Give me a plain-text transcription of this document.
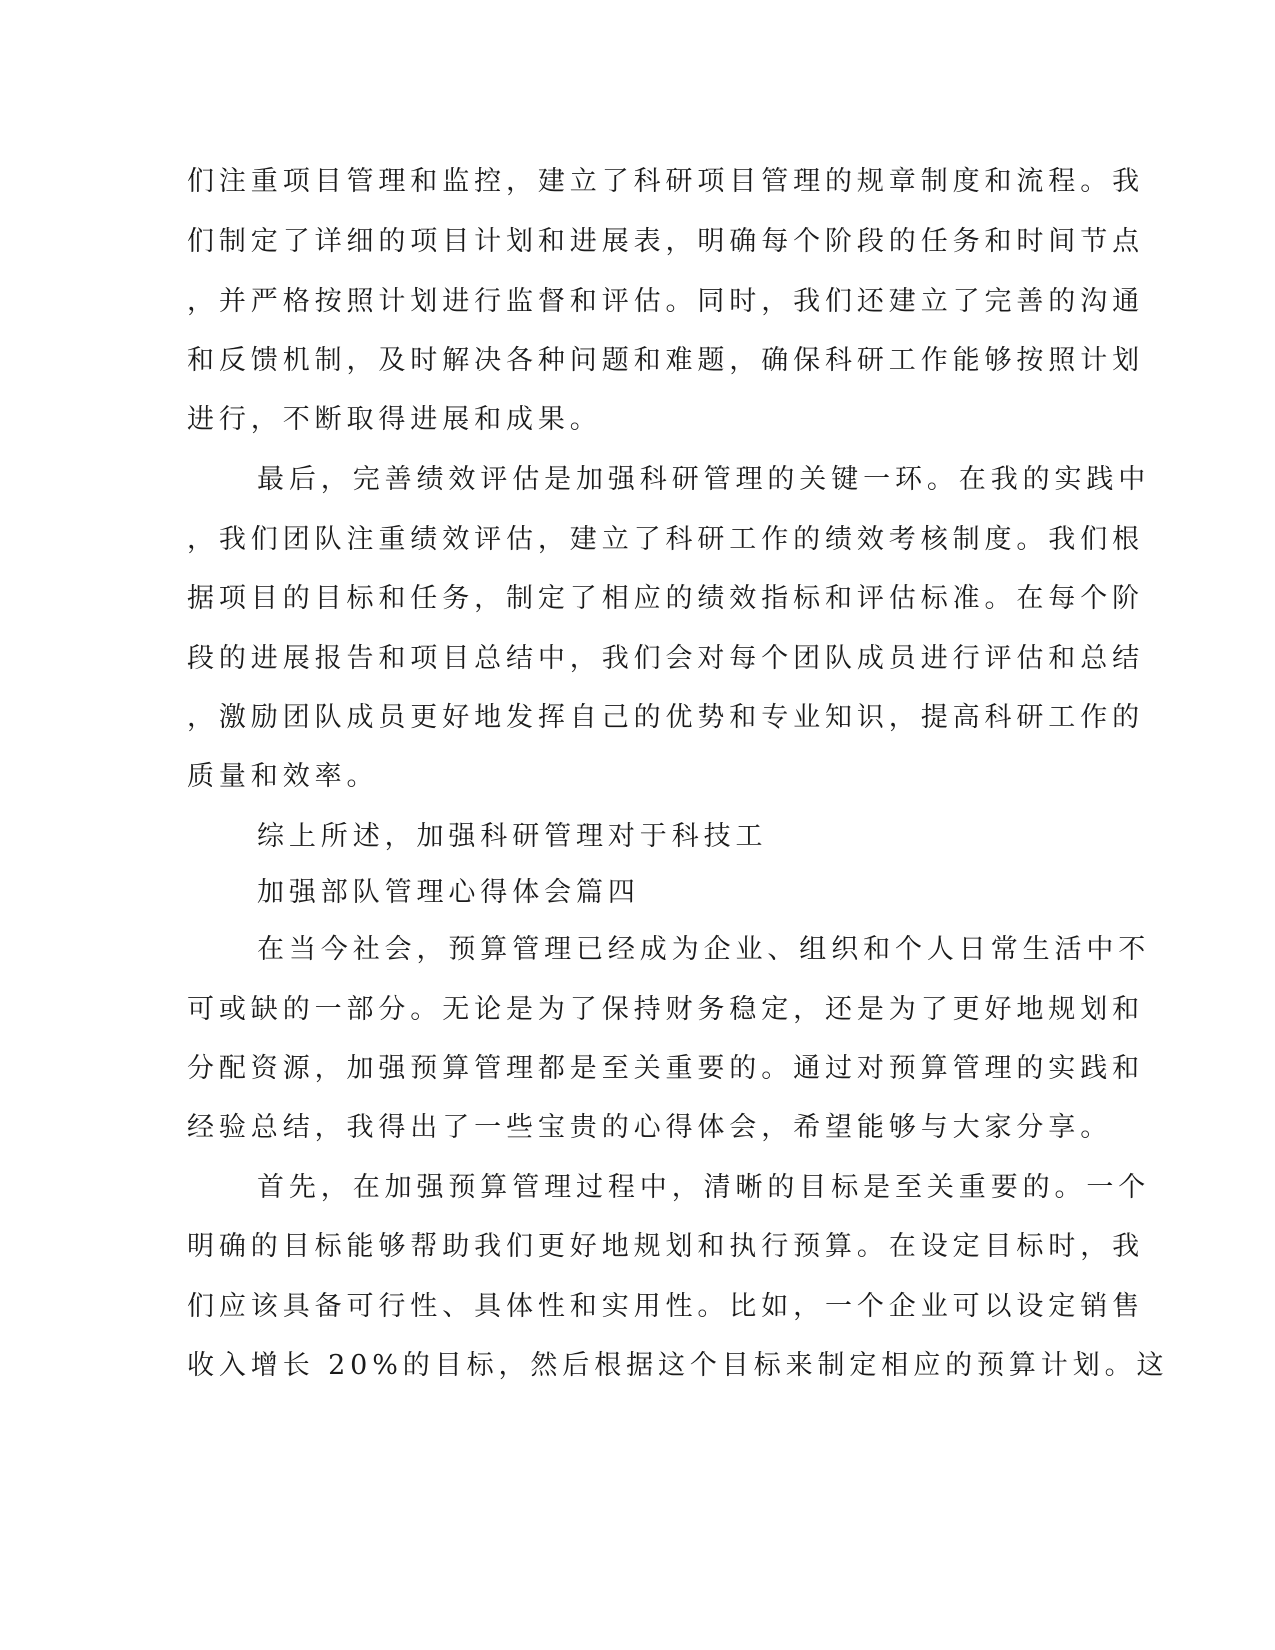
们注重项目管理和监控，建立了科研项目管理的规章制度和流程。我
们制定了详细的项目计划和进展表，明确每个阶段的任务和时间节点
，并严格按照计划进行监督和评估。同时，我们还建立了完善的沟通
和反馈机制，及时解决各种问题和难题，确保科研工作能够按照计划
进行，不断取得进展和成果。
最后，完善绩效评估是加强科研管理的关键一环。在我的实践中
，我们团队注重绩效评估，建立了科研工作的绩效考核制度。我们根
据项目的目标和任务，制定了相应的绩效指标和评估标准。在每个阶
段的进展报告和项目总结中，我们会对每个团队成员进行评估和总结
，激励团队成员更好地发挥自己的优势和专业知识，提高科研工作的
质量和效率。
综上所述，加强科研管理对于科技工
加强部队管理心得体会篇四
在当今社会，预算管理已经成为企业、组织和个人日常生活中不
可或缺的一部分。无论是为了保持财务稳定，还是为了更好地规划和
分配资源，加强预算管理都是至关重要的。通过对预算管理的实践和
经验总结，我得出了一些宝贵的心得体会，希望能够与大家分享。
首先，在加强预算管理过程中，清晰的目标是至关重要的。一个
明确的目标能够帮助我们更好地规划和执行预算。在设定目标时，我
们应该具备可行性、具体性和实用性。比如，一个企业可以设定销售
收入增长 20%的目标，然后根据这个目标来制定相应的预算计划。这
